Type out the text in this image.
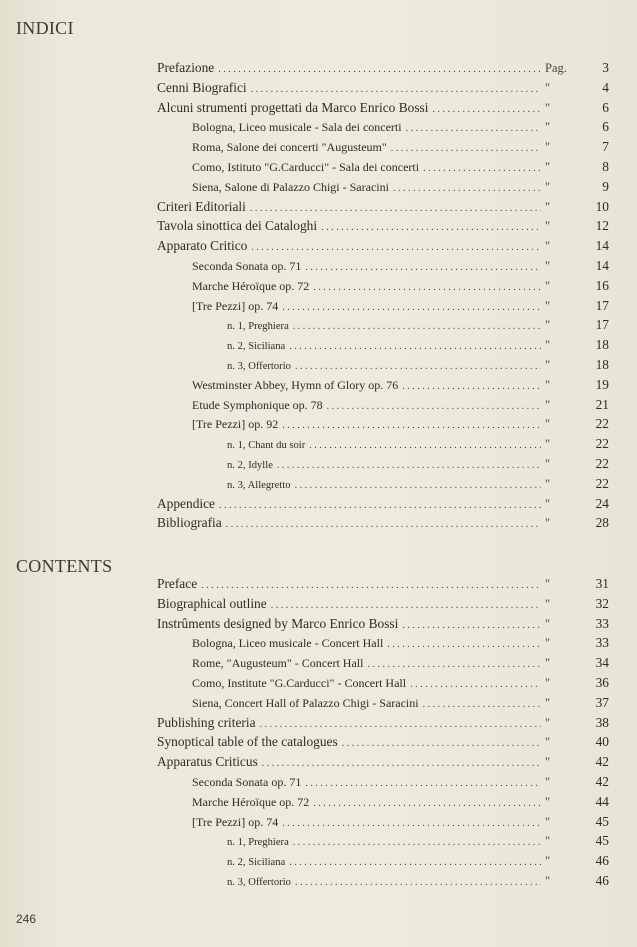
INDICI
Prefazione . . .	Pag.	3
Cenni Biografici . . .	"	4
Alcuni strumenti progettati da Marco Enrico Bossi . . .	"	6
Bologna, Liceo musicale - Sala dei concerti . . .	"	6
Roma, Salone dei concerti "Augusteum" . . .	"	7
Como, Istituto "G.Carducci" - Sala dei concerti . . .	"	8
Siena, Salone di Palazzo Chigi - Saracini . . .	"	9
Criteri Editoriali . . .	"	10
Tavola sinottica dei Cataloghi . . .	"	12
Apparato Critico . . .	"	14
Seconda Sonata op. 71 . . .	"	14
Marche Héroïque op. 72 . . .	"	16
[Tre Pezzi] op. 74 . . .	"	17
n. 1, Preghiera . . .	"	17
n. 2, Siciliana . . .	"	18
n. 3, Offertorio . . .	"	18
Westminster Abbey, Hymn of Glory op. 76 . . .	"	19
Etude Symphonique op. 78 . . .	"	21
[Tre Pezzi] op. 92 . . .	"	22
n. 1, Chant du soir . . .	"	22
n. 2, Idylle . . .	"	22
n. 3, Allegretto . . .	"	22
Appendice . . .	"	24
Bibliografia . . .	"	28
CONTENTS
Preface . . .	"	31
Biographical outline . . .	"	32
Instrûments designed by Marco Enrico Bossi . . .	"	33
Bologna, Liceo musicale - Concert Hall . . .	"	33
Rome, "Augusteum" - Concert Hall . . .	"	34
Como, Institute "G.Carducci" - Concert Hall . . .	"	36
Siena, Concert Hall of Palazzo Chigi - Saracini . . .	"	37
Publishing criteria . . .	"	38
Synoptical table of the catalogues . . .	"	40
Apparatus Criticus . . .	"	42
Seconda Sonata op. 71 . . .	"	42
Marche Héroïque op. 72 . . .	"	44
[Tre Pezzi] op. 74 . . .	"	45
n. 1, Preghiera . . .	"	45
n. 2, Siciliana . . .	"	46
n. 3, Offertorio . . .	"	46
246
